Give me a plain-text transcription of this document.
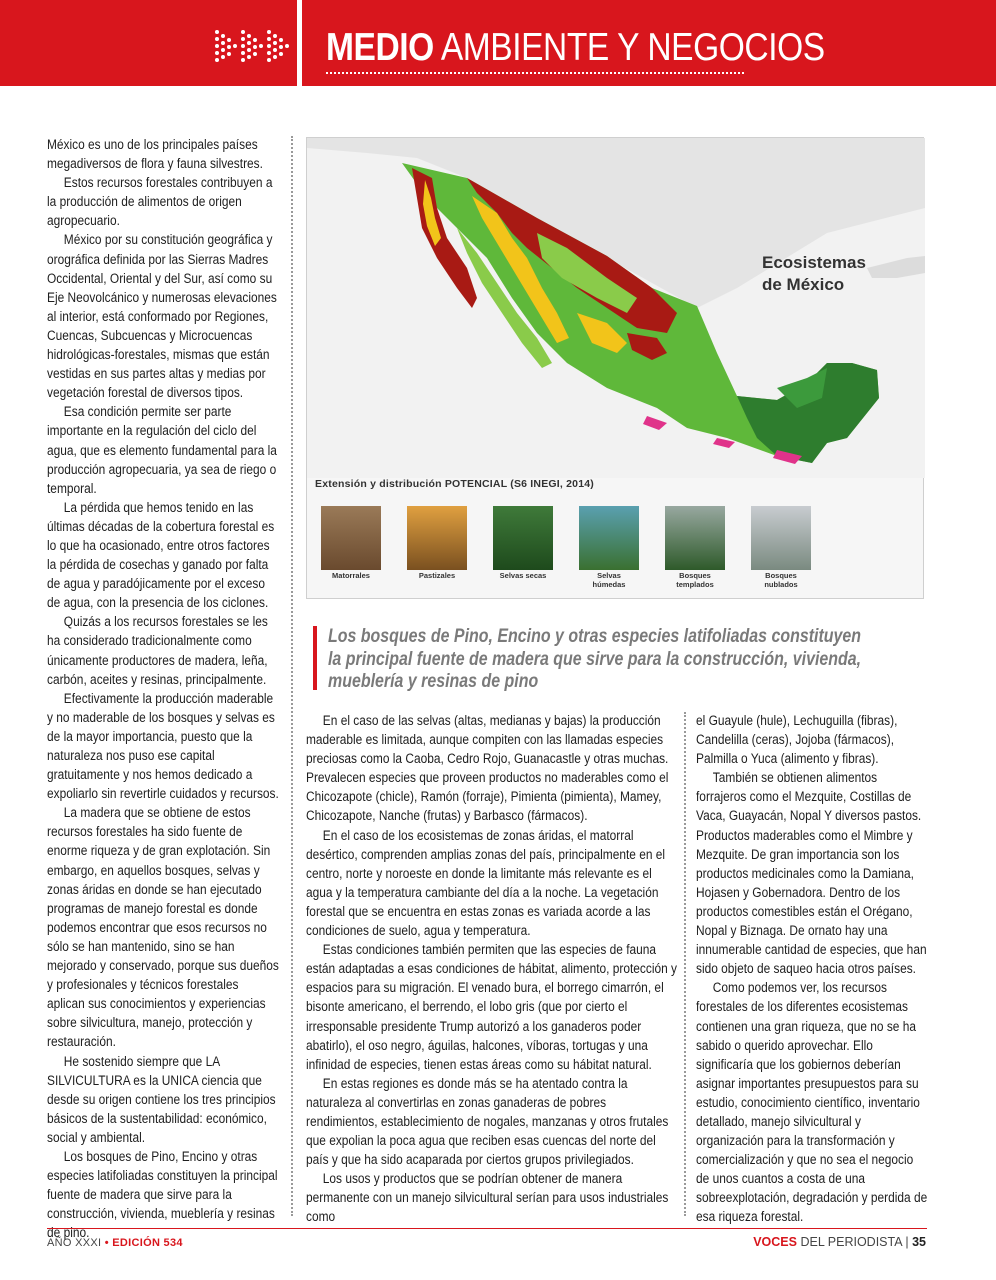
MEDIO AMBIENTE Y NEGOCIOS

México es uno de los principales países megadiversos de flora y fauna silvestres.

Estos recursos forestales contribuyen a la producción de alimentos de origen agropecuario.

México por su constitución geográfica y orográfica definida por las Sierras Madres Occidental, Oriental y del Sur, así como su Eje Neovolcánico y numerosas elevaciones al interior, está conformado por Regiones, Cuencas, Subcuencas y Microcuencas hidrológicas-forestales, mismas que están vestidas en sus partes altas y medias por vegetación forestal de diversos tipos.

Esa condición permite ser parte importante en la regulación del ciclo del agua, que es elemento fundamental para la producción agropecuaria, ya sea de riego o temporal.

La pérdida que hemos tenido en las últimas décadas de la cobertura forestal es lo que ha ocasionado, entre otros factores la pérdida de cosechas y ganado por falta de agua y paradójicamente por el exceso de agua, con la presencia de los ciclones.

Quizás a los recursos forestales se les ha considerado tradicionalmente como únicamente productores de madera, leña, carbón, aceites y resinas, principalmente.

Efectivamente la producción maderable y no maderable de los bosques y selvas es de la mayor importancia, puesto que la naturaleza nos puso ese capital gratuitamente y nos hemos dedicado a expoliarlo sin revertirle cuidados y recursos.

La madera que se obtiene de estos recursos forestales ha sido fuente de enorme riqueza y de gran explotación. Sin embargo, en aquellos bosques, selvas y zonas áridas en donde se han ejecutado programas de manejo forestal es donde podemos encontrar que esos recursos no sólo se han mantenido, sino se han mejorado y conservado, porque sus dueños y profesionales y técnicos forestales aplican sus conocimientos y experiencias sobre silvicultura, manejo, protección y restauración.

He sostenido siempre que LA SILVICULTURA es la UNICA ciencia que desde su origen contiene los tres principios básicos de la sustentabilidad: económico, social y ambiental.

Los bosques de Pino, Encino y otras especies latifoliadas constituyen la principal fuente de madera que sirve para la construcción, vivienda, mueblería y resinas de pino.

Ecosistemas
de México
Extensión y distribución POTENCIAL (S6 INEGI, 2014)
Matorrales	Pastizales	Selvas secas	Selvas
húmedas
Bosques
templados
Bosques
nublados
Los bosques de Pino, Encino y otras especies latifoliadas constituyen la principal fuente de madera que sirve para la construcción, vivienda, mueblería y resinas de pino

En el caso de las selvas (altas, medianas y bajas) la producción maderable es limitada, aunque compiten con las llamadas especies preciosas como la Caoba, Cedro Rojo, Guanacastle y otras muchas. Prevalecen especies que proveen productos no maderables como el Chicozapote (chicle), Ramón (forraje), Pimienta (pimienta), Mamey, Chicozapote, Nanche (frutas) y Barbasco (fármacos).

En el caso de los ecosistemas de zonas áridas, el matorral desértico, comprenden amplias zonas del país, principalmente en el centro, norte y noroeste en donde la limitante más relevante es el agua y la temperatura cambiante del día a la noche. La vegetación forestal que se encuentra en estas zonas es variada acorde a las condiciones de suelo, agua y temperatura.

Estas condiciones también permiten que las especies de fauna están adaptadas a esas condiciones de hábitat, alimento, protección y espacios para su migración. El venado bura, el borrego cimarrón, el bisonte americano, el berrendo, el lobo gris (que por cierto el irresponsable presidente Trump autorizó a los ganaderos poder abatirlo), el oso negro, águilas, halcones, víboras, tortugas y una infinidad de especies, tienen estas áreas como su hábitat natural.

En estas regiones es donde más se ha atentado contra la naturaleza al convertirlas en zonas ganaderas de pobres rendimientos, establecimiento de nogales, manzanas y otros frutales que expolian la poca agua que reciben esas cuencas del norte del país y que ha sido acaparada por ciertos grupos privilegiados.

Los usos y productos que se podrían obtener de manera permanente con un manejo silvicultural serían para usos industriales como

el Guayule (hule), Lechuguilla (fibras), Candelilla (ceras), Jojoba (fármacos), Palmilla o Yuca (alimento y fibras).

También se obtienen alimentos forrajeros como el Mezquite, Costillas de Vaca, Guayacán, Nopal Y diversos pastos. Productos maderables como el Mimbre y Mezquite. De gran importancia son los productos medicinales como la Damiana, Hojasen y Gobernadora. Dentro de los productos comestibles están el Orégano, Nopal y Biznaga. De ornato hay una innumerable cantidad de especies, que han sido objeto de saqueo hacia otros países.

Como podemos ver, los recursos forestales de los diferentes ecosistemas contienen una gran riqueza, que no se ha sabido o querido aprovechar. Ello significaría que los gobiernos deberían asignar importantes presupuestos para su estudio, conocimiento científico, inventario detallado, manejo silvicultural y organización para la transformación y comercialización y que no sea el negocio de unos cuantos a costa de una sobreexplotación, degradación y perdida de esa riqueza forestal.

AÑO XXXI • EDICIÓN 534	VOCES DEL PERIODISTA | 35
